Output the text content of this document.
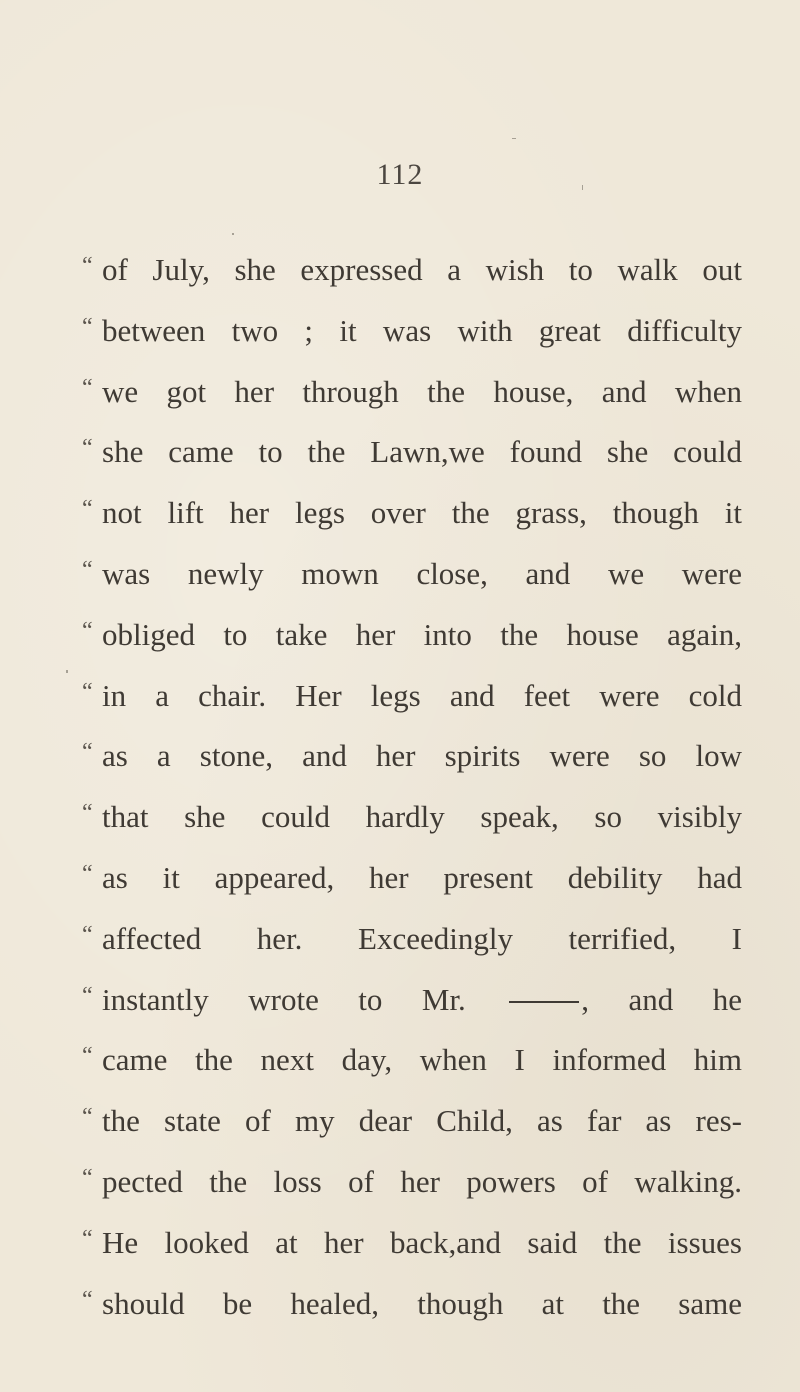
112
“ of July, she expressed a wish to walk out
“ between two ; it was with great difficulty
“ we got her through the house, and when
“ she came to the Lawn,we found she could
“ not lift her legs over the grass, though it
“ was newly mown close, and we were
“ obliged to take her into the house again,
“ in a chair. Her legs and feet were cold
“ as a stone, and her spirits were so low
“ that she could hardly speak, so visibly
“ as it appeared, her present debility had
“ affected her. Exceedingly terrified, I
“ instantly wrote to Mr.	, and he
“ came the next day, when I informed him
“ the state of my dear Child, as far as res-
“ pected the loss of her powers of walking.
“ He looked at her back,and said the issues
“ should be healed, though at the same
